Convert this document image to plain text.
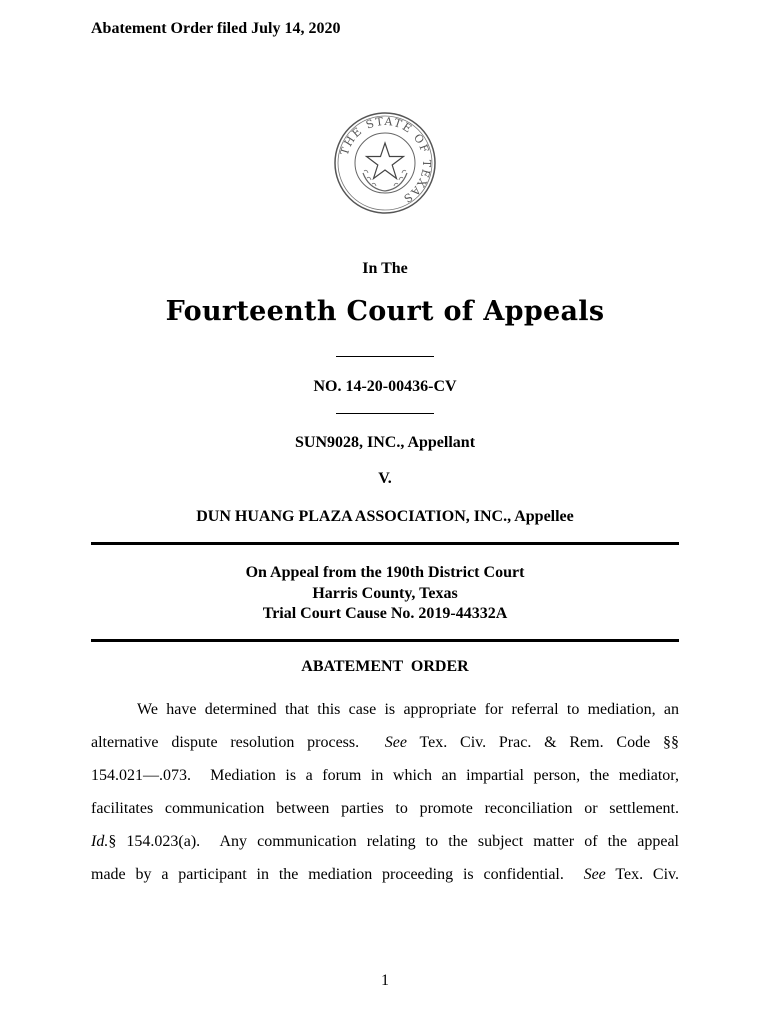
Abatement Order filed July 14, 2020
THE STATE OF TEXAS
In The
Fourteenth Court of Appeals
NO. 14-20-00436-CV
SUN9028, INC., Appellant
V.
DUN HUANG PLAZA ASSOCIATION, INC., Appellee
On Appeal from the 190th District Court
Harris County, Texas
Trial Court Cause No. 2019-44332A
ABATEMENT  ORDER
We have determined that this case is appropriate for referral to mediation, an
alternative dispute resolution process.  See Tex. Civ. Prac. & Rem. Code §§
154.021—.073.  Mediation is a forum in which an impartial person, the mediator,
facilitates communication between parties to promote reconciliation or settlement.
Id.§ 154.023(a).  Any communication relating to the subject matter of the appeal
made by a participant in the mediation proceeding is confidential.  See Tex. Civ.
1
